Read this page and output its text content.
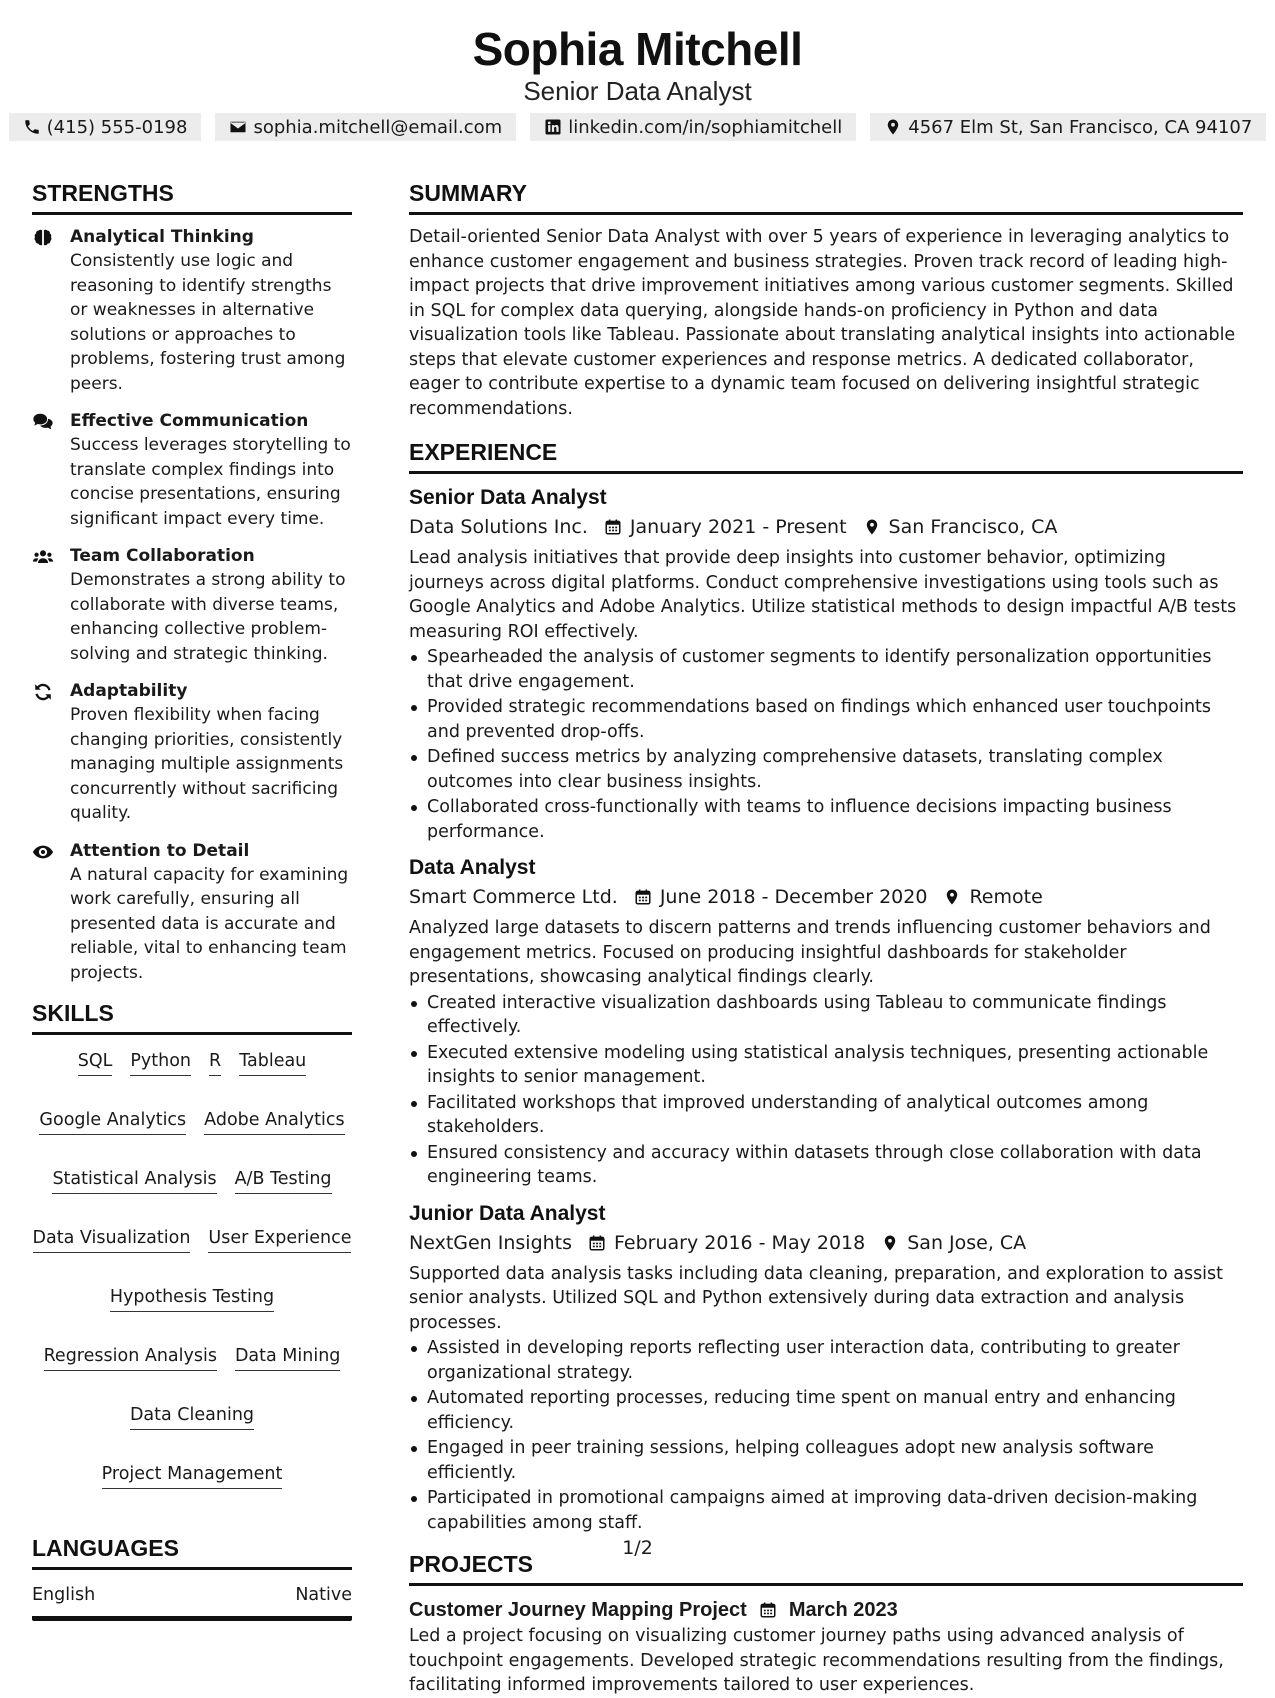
Sophia Mitchell
Senior Data Analyst
(415) 555-0198	sophia.mitchell@email.com	linkedin.com/in/sophiamitchell	4567 Elm St, San Francisco, CA 94107
STRENGTHS
Analytical Thinking
Consistently use logic and reasoning to identify strengths or weaknesses in alternative solutions or approaches to problems, fostering trust among peers.
Effective Communication
Success leverages storytelling to translate complex findings into concise presentations, ensuring significant impact every time.
Team Collaboration
Demonstrates a strong ability to collaborate with diverse teams, enhancing collective problem-solving and strategic thinking.
Adaptability
Proven flexibility when facing changing priorities, consistently managing multiple assignments concurrently without sacrificing quality.
Attention to Detail
A natural capacity for examining work carefully, ensuring all presented data is accurate and reliable, vital to enhancing team projects.
SKILLS
SQL Python R Tableau
Google Analytics Adobe Analytics
Statistical Analysis A/B Testing
Data Visualization User Experience
Hypothesis Testing
Regression Analysis Data Mining
Data Cleaning
Project Management
LANGUAGES
English	Native
SUMMARY
Detail-oriented Senior Data Analyst with over 5 years of experience in leveraging analytics to enhance customer engagement and business strategies. Proven track record of leading high-impact projects that drive improvement initiatives among various customer segments. Skilled in SQL for complex data querying, alongside hands-on proficiency in Python and data visualization tools like Tableau. Passionate about translating analytical insights into actionable steps that elevate customer experiences and response metrics. A dedicated collaborator, eager to contribute expertise to a dynamic team focused on delivering insightful strategic recommendations.
EXPERIENCE
Senior Data Analyst
Data Solutions Inc. January 2021 - Present San Francisco, CA
Lead analysis initiatives that provide deep insights into customer behavior, optimizing journeys across digital platforms. Conduct comprehensive investigations using tools such as Google Analytics and Adobe Analytics. Utilize statistical methods to design impactful A/B tests measuring ROI effectively.
Spearheaded the analysis of customer segments to identify personalization opportunities that drive engagement.
Provided strategic recommendations based on findings which enhanced user touchpoints and prevented drop-offs.
Defined success metrics by analyzing comprehensive datasets, translating complex outcomes into clear business insights.
Collaborated cross-functionally with teams to influence decisions impacting business performance.
Data Analyst
Smart Commerce Ltd. June 2018 - December 2020 Remote
Analyzed large datasets to discern patterns and trends influencing customer behaviors and engagement metrics. Focused on producing insightful dashboards for stakeholder presentations, showcasing analytical findings clearly.
Created interactive visualization dashboards using Tableau to communicate findings effectively.
Executed extensive modeling using statistical analysis techniques, presenting actionable insights to senior management.
Facilitated workshops that improved understanding of analytical outcomes among stakeholders.
Ensured consistency and accuracy within datasets through close collaboration with data engineering teams.
Junior Data Analyst
NextGen Insights February 2016 - May 2018 San Jose, CA
Supported data analysis tasks including data cleaning, preparation, and exploration to assist senior analysts. Utilized SQL and Python extensively during data extraction and analysis processes.
Assisted in developing reports reflecting user interaction data, contributing to greater organizational strategy.
Automated reporting processes, reducing time spent on manual entry and enhancing efficiency.
Engaged in peer training sessions, helping colleagues adopt new analysis software efficiently.
Participated in promotional campaigns aimed at improving data-driven decision-making capabilities among staff.
PROJECTS
Customer Journey Mapping Project March 2023
Led a project focusing on visualizing customer journey paths using advanced analysis of touchpoint engagements. Developed strategic recommendations resulting from the findings, facilitating informed improvements tailored to user experiences.
1/2
